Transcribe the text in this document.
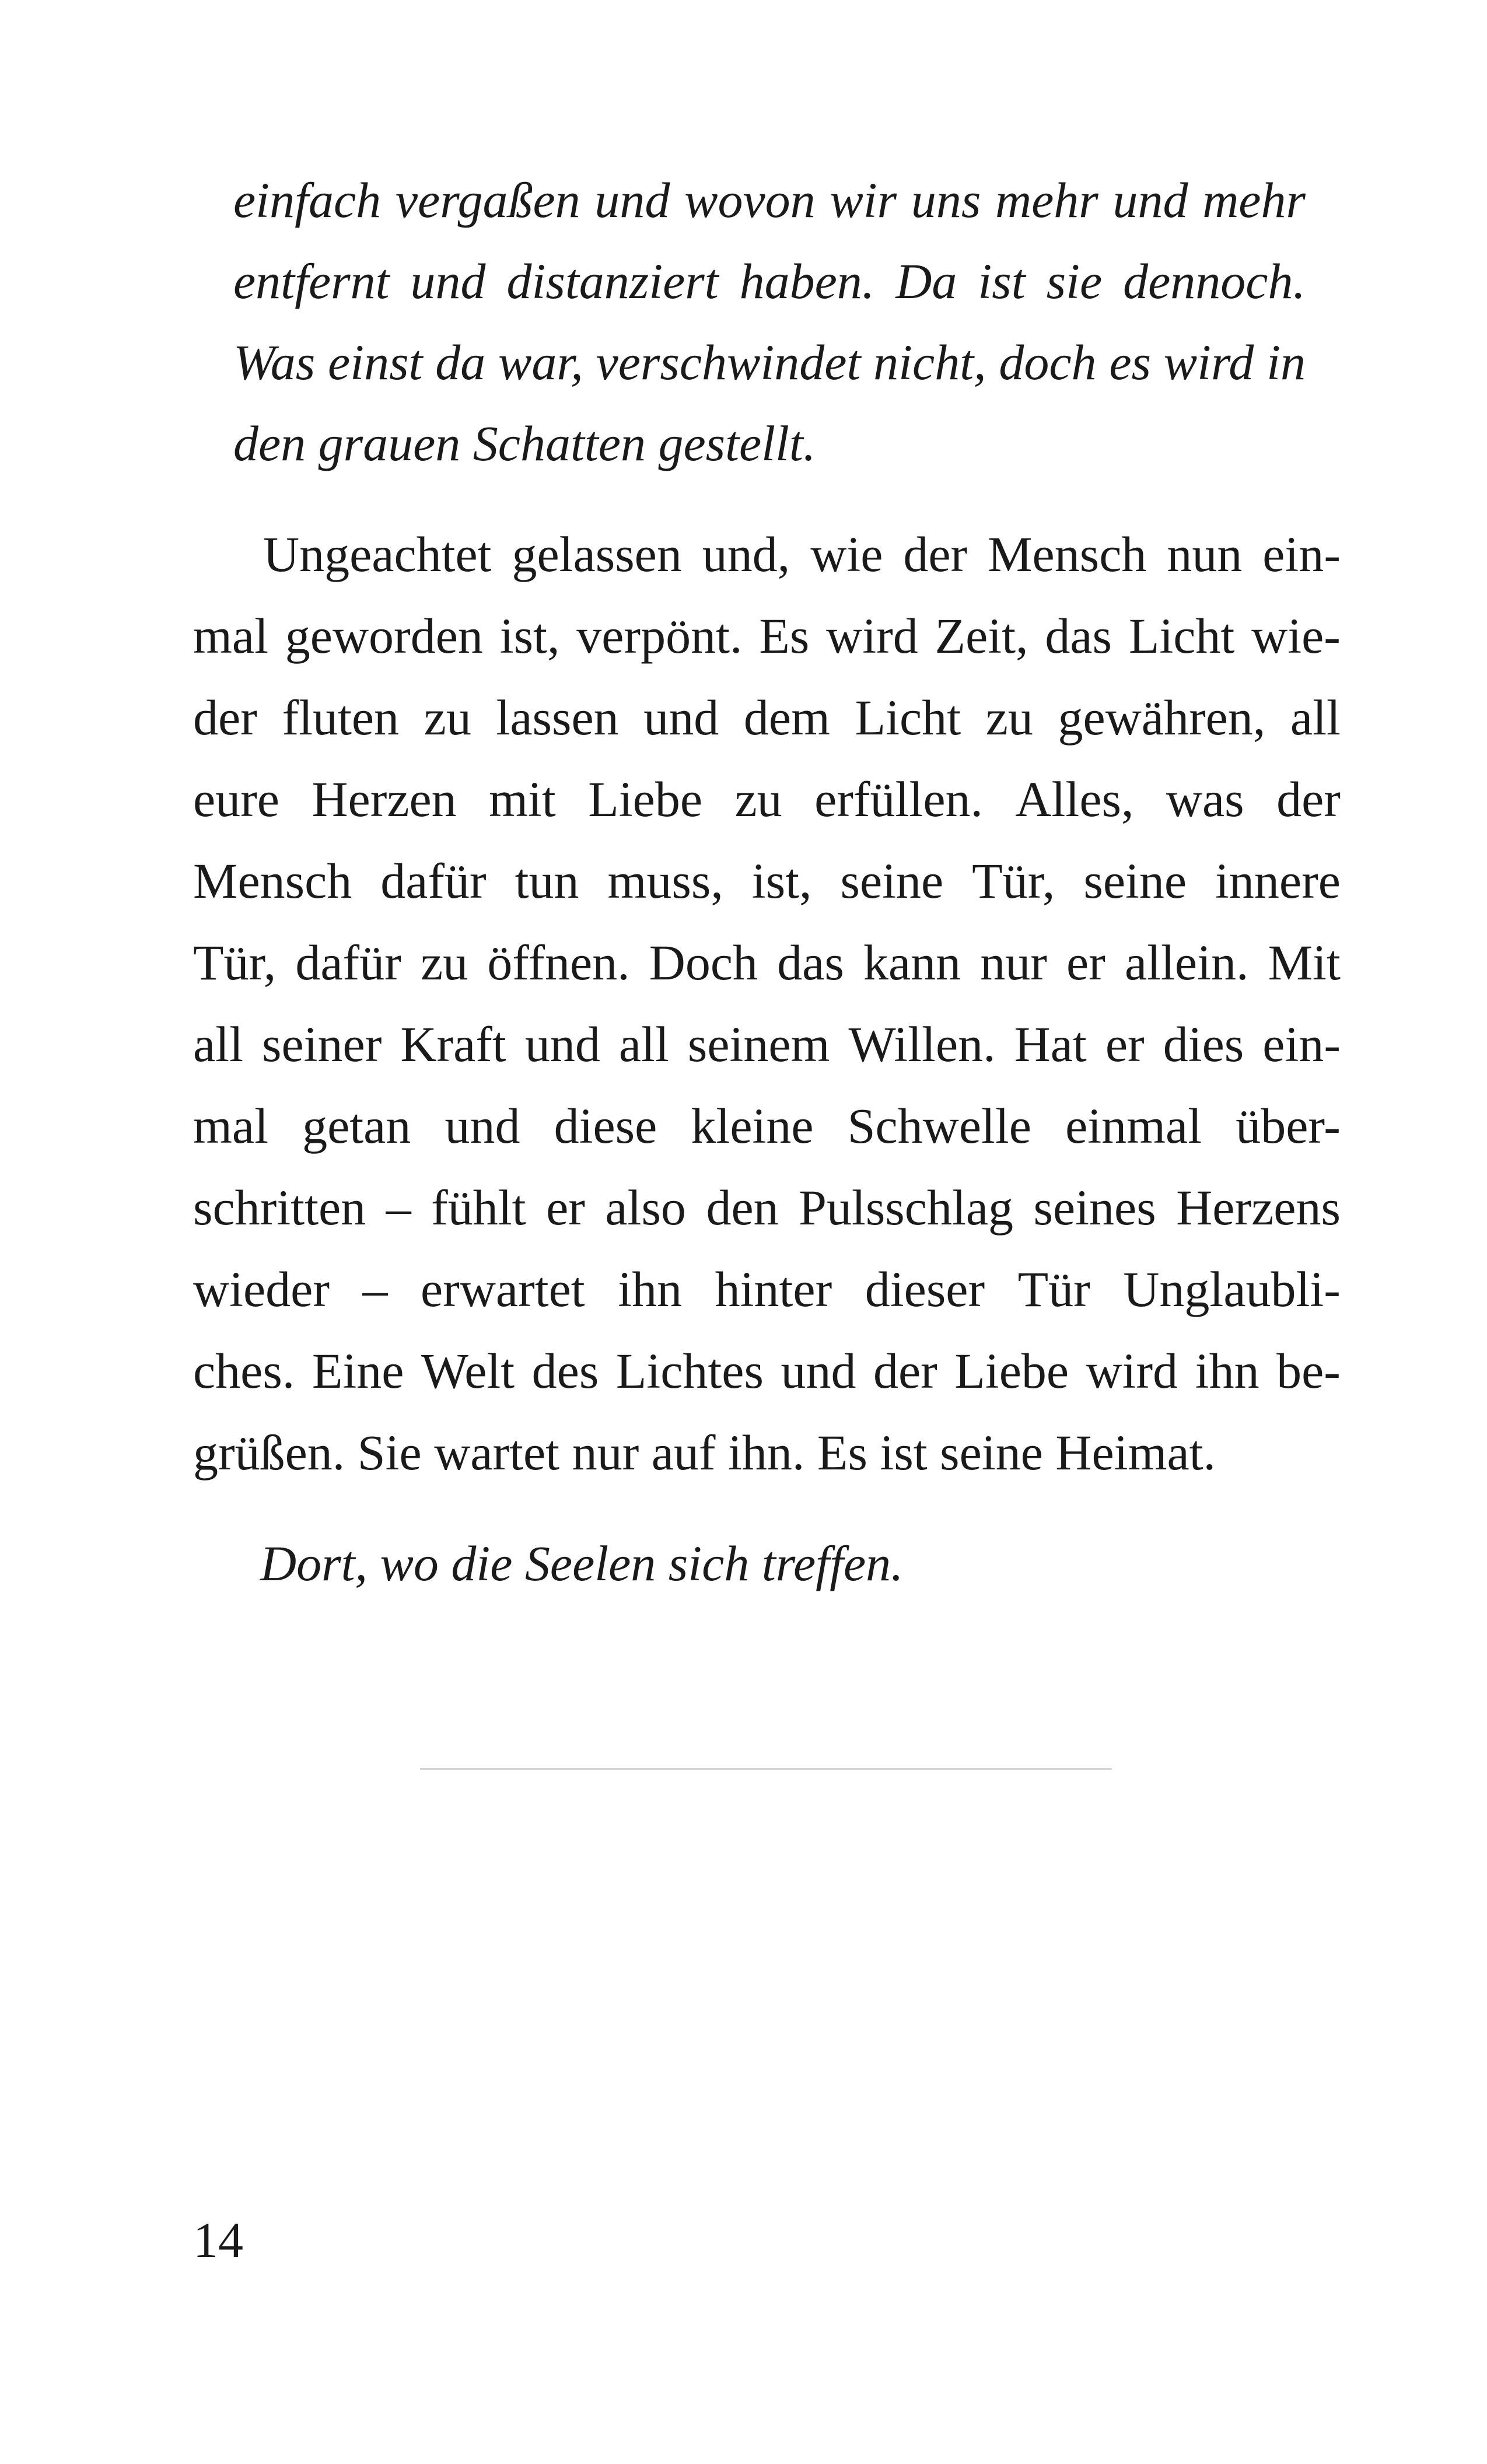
einfach vergaßen und wovon wir uns mehr und mehr
entfernt und distanziert haben. Da ist sie dennoch.
Was einst da war, verschwindet nicht, doch es wird in
den grauen Schatten gestellt.
Ungeachtet gelassen und, wie der Mensch nun ein-
mal geworden ist, verpönt. Es wird Zeit, das Licht wie-
der fluten zu lassen und dem Licht zu gewähren, all
eure Herzen mit Liebe zu erfüllen. Alles, was der
Mensch dafür tun muss, ist, seine Tür, seine innere
Tür, dafür zu öffnen. Doch das kann nur er allein. Mit
all seiner Kraft und all seinem Willen. Hat er dies ein-
mal getan und diese kleine Schwelle einmal über-
schritten – fühlt er also den Pulsschlag seines Herzens
wieder – erwartet ihn hinter dieser Tür Unglaubli-
ches. Eine Welt des Lichtes und der Liebe wird ihn be-
grüßen. Sie wartet nur auf ihn. Es ist seine Heimat.
Dort, wo die Seelen sich treffen.
14
